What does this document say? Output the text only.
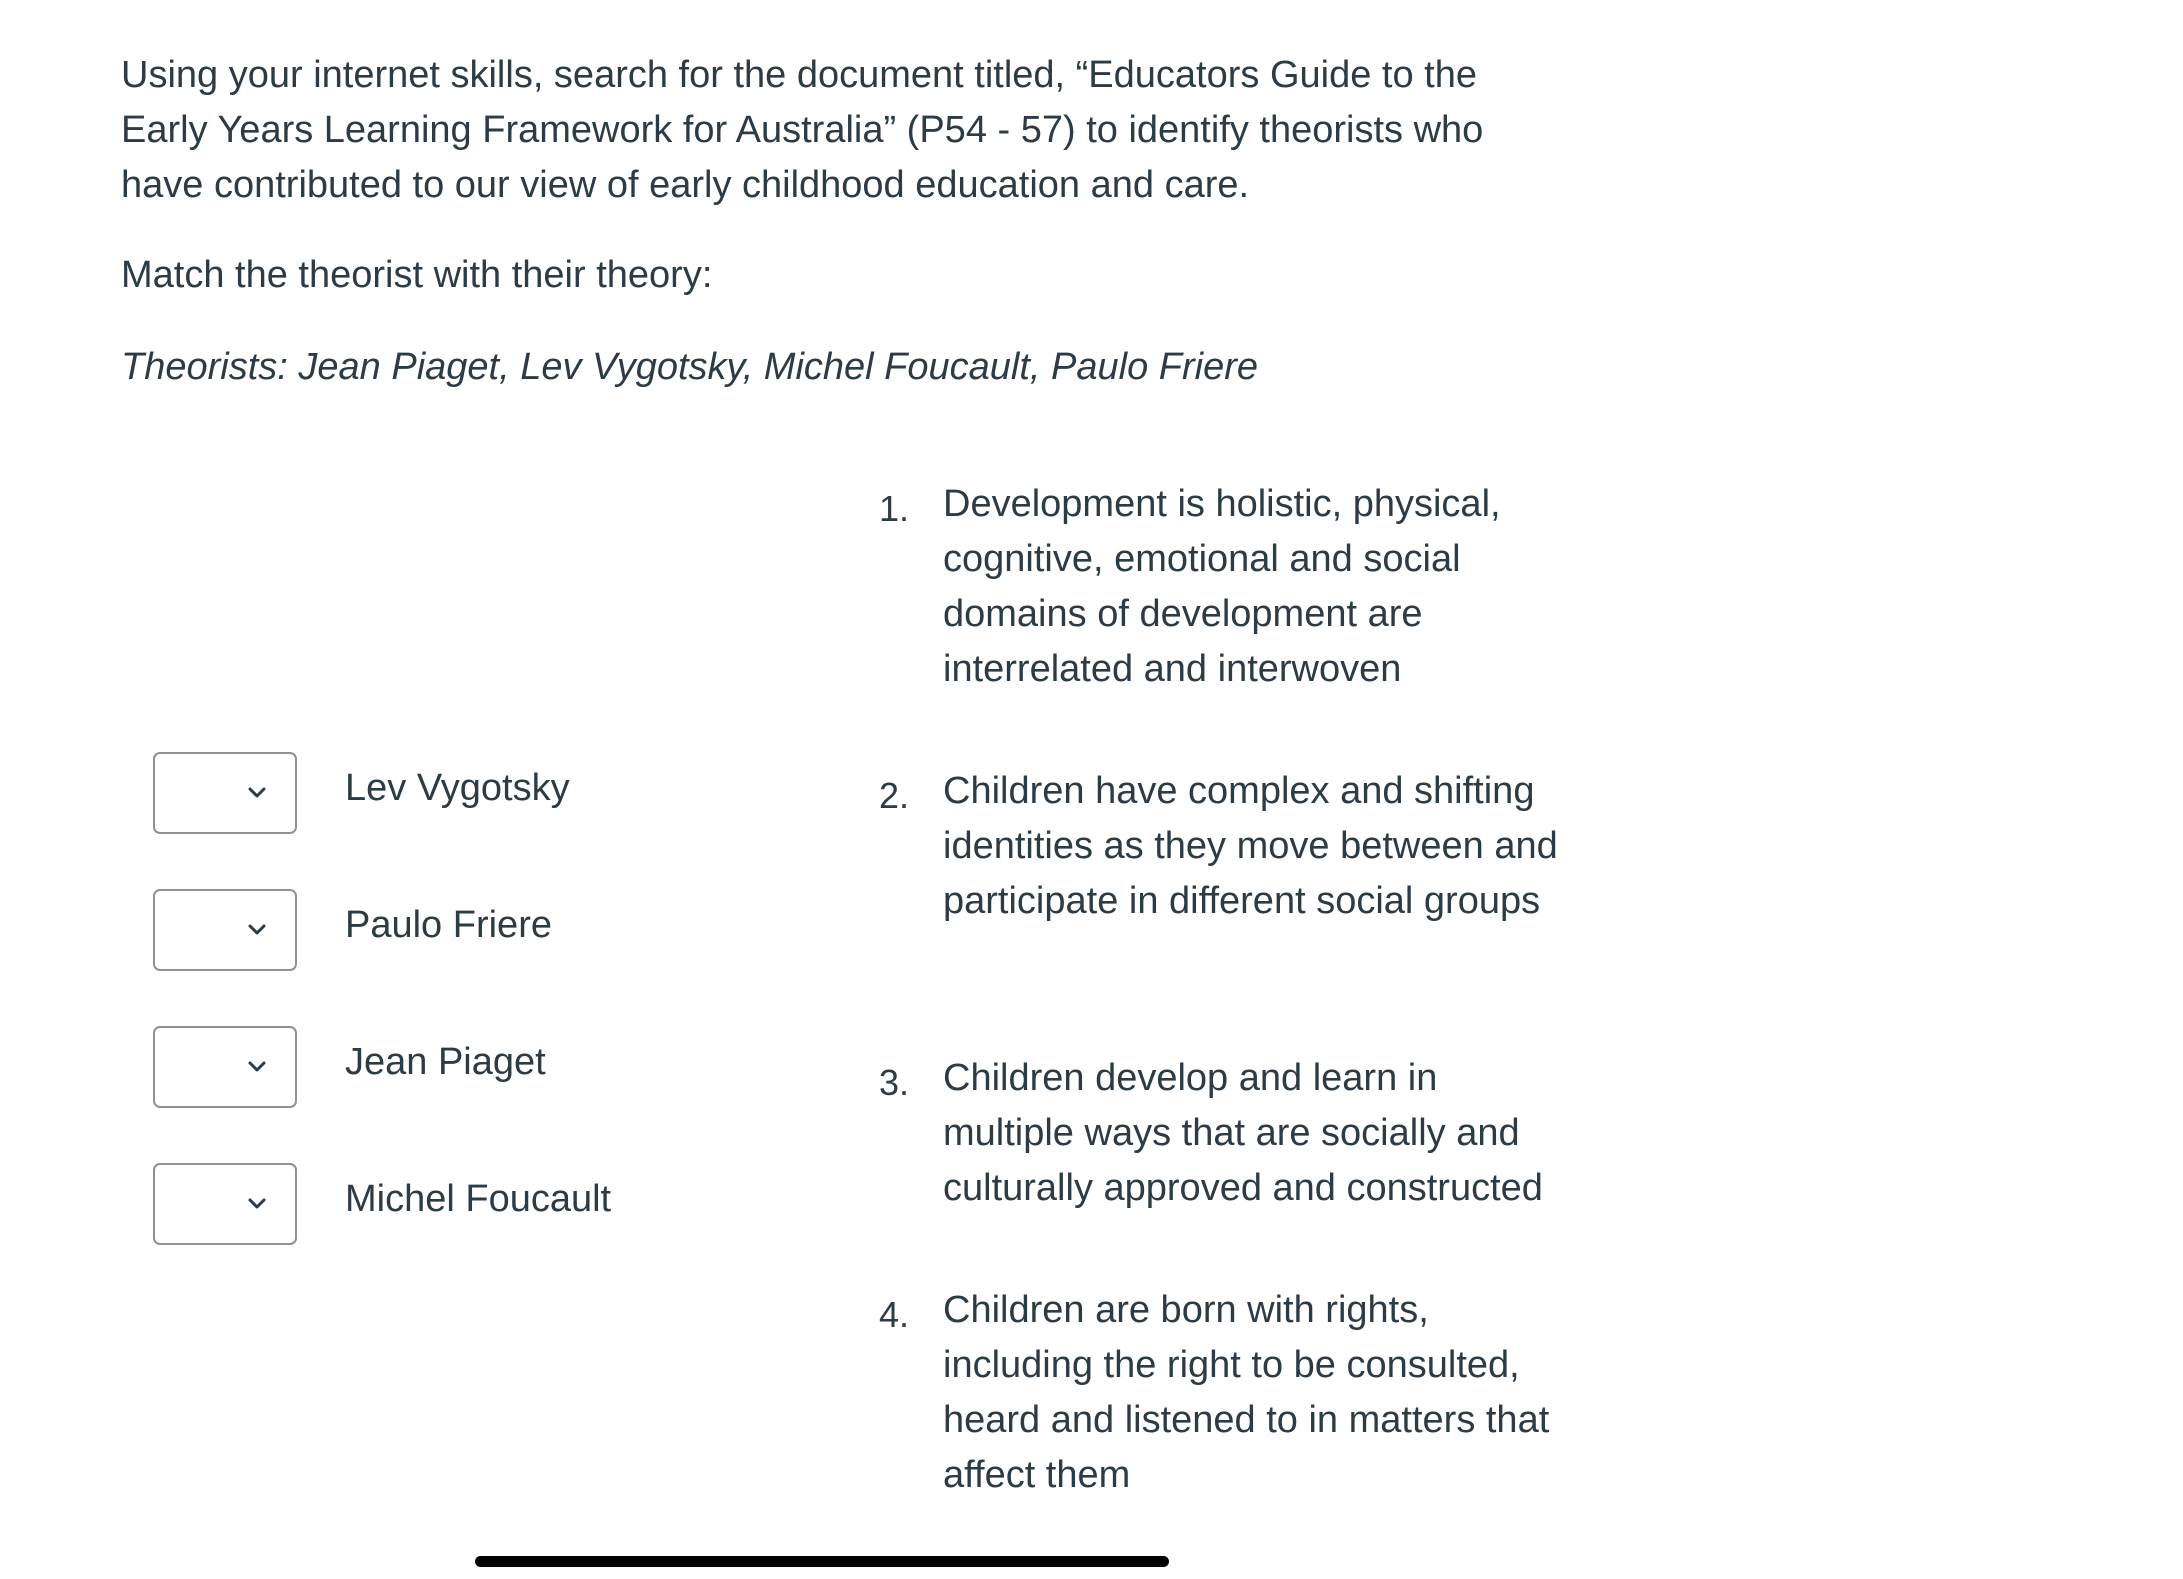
Using your internet skills, search for the document titled, “Educators Guide to the Early Years Learning Framework for Australia” (P54 - 57) to identify theorists who have contributed to our view of early childhood education and care.

Match the theorist with their theory:

Theorists: Jean Piaget, Lev Vygotsky, Michel Foucault, Paulo Friere

Lev Vygotsky
Paulo Friere
Jean Piaget
Michel Foucault
1. Development is holistic, physical, cognitive, emotional and social domains of development are interrelated and interwoven
2. Children have complex and shifting identities as they move between and participate in different social groups
3. Children develop and learn in multiple ways that are socially and culturally approved and constructed
4. Children are born with rights, including the right to be consulted, heard and listened to in matters that affect them
